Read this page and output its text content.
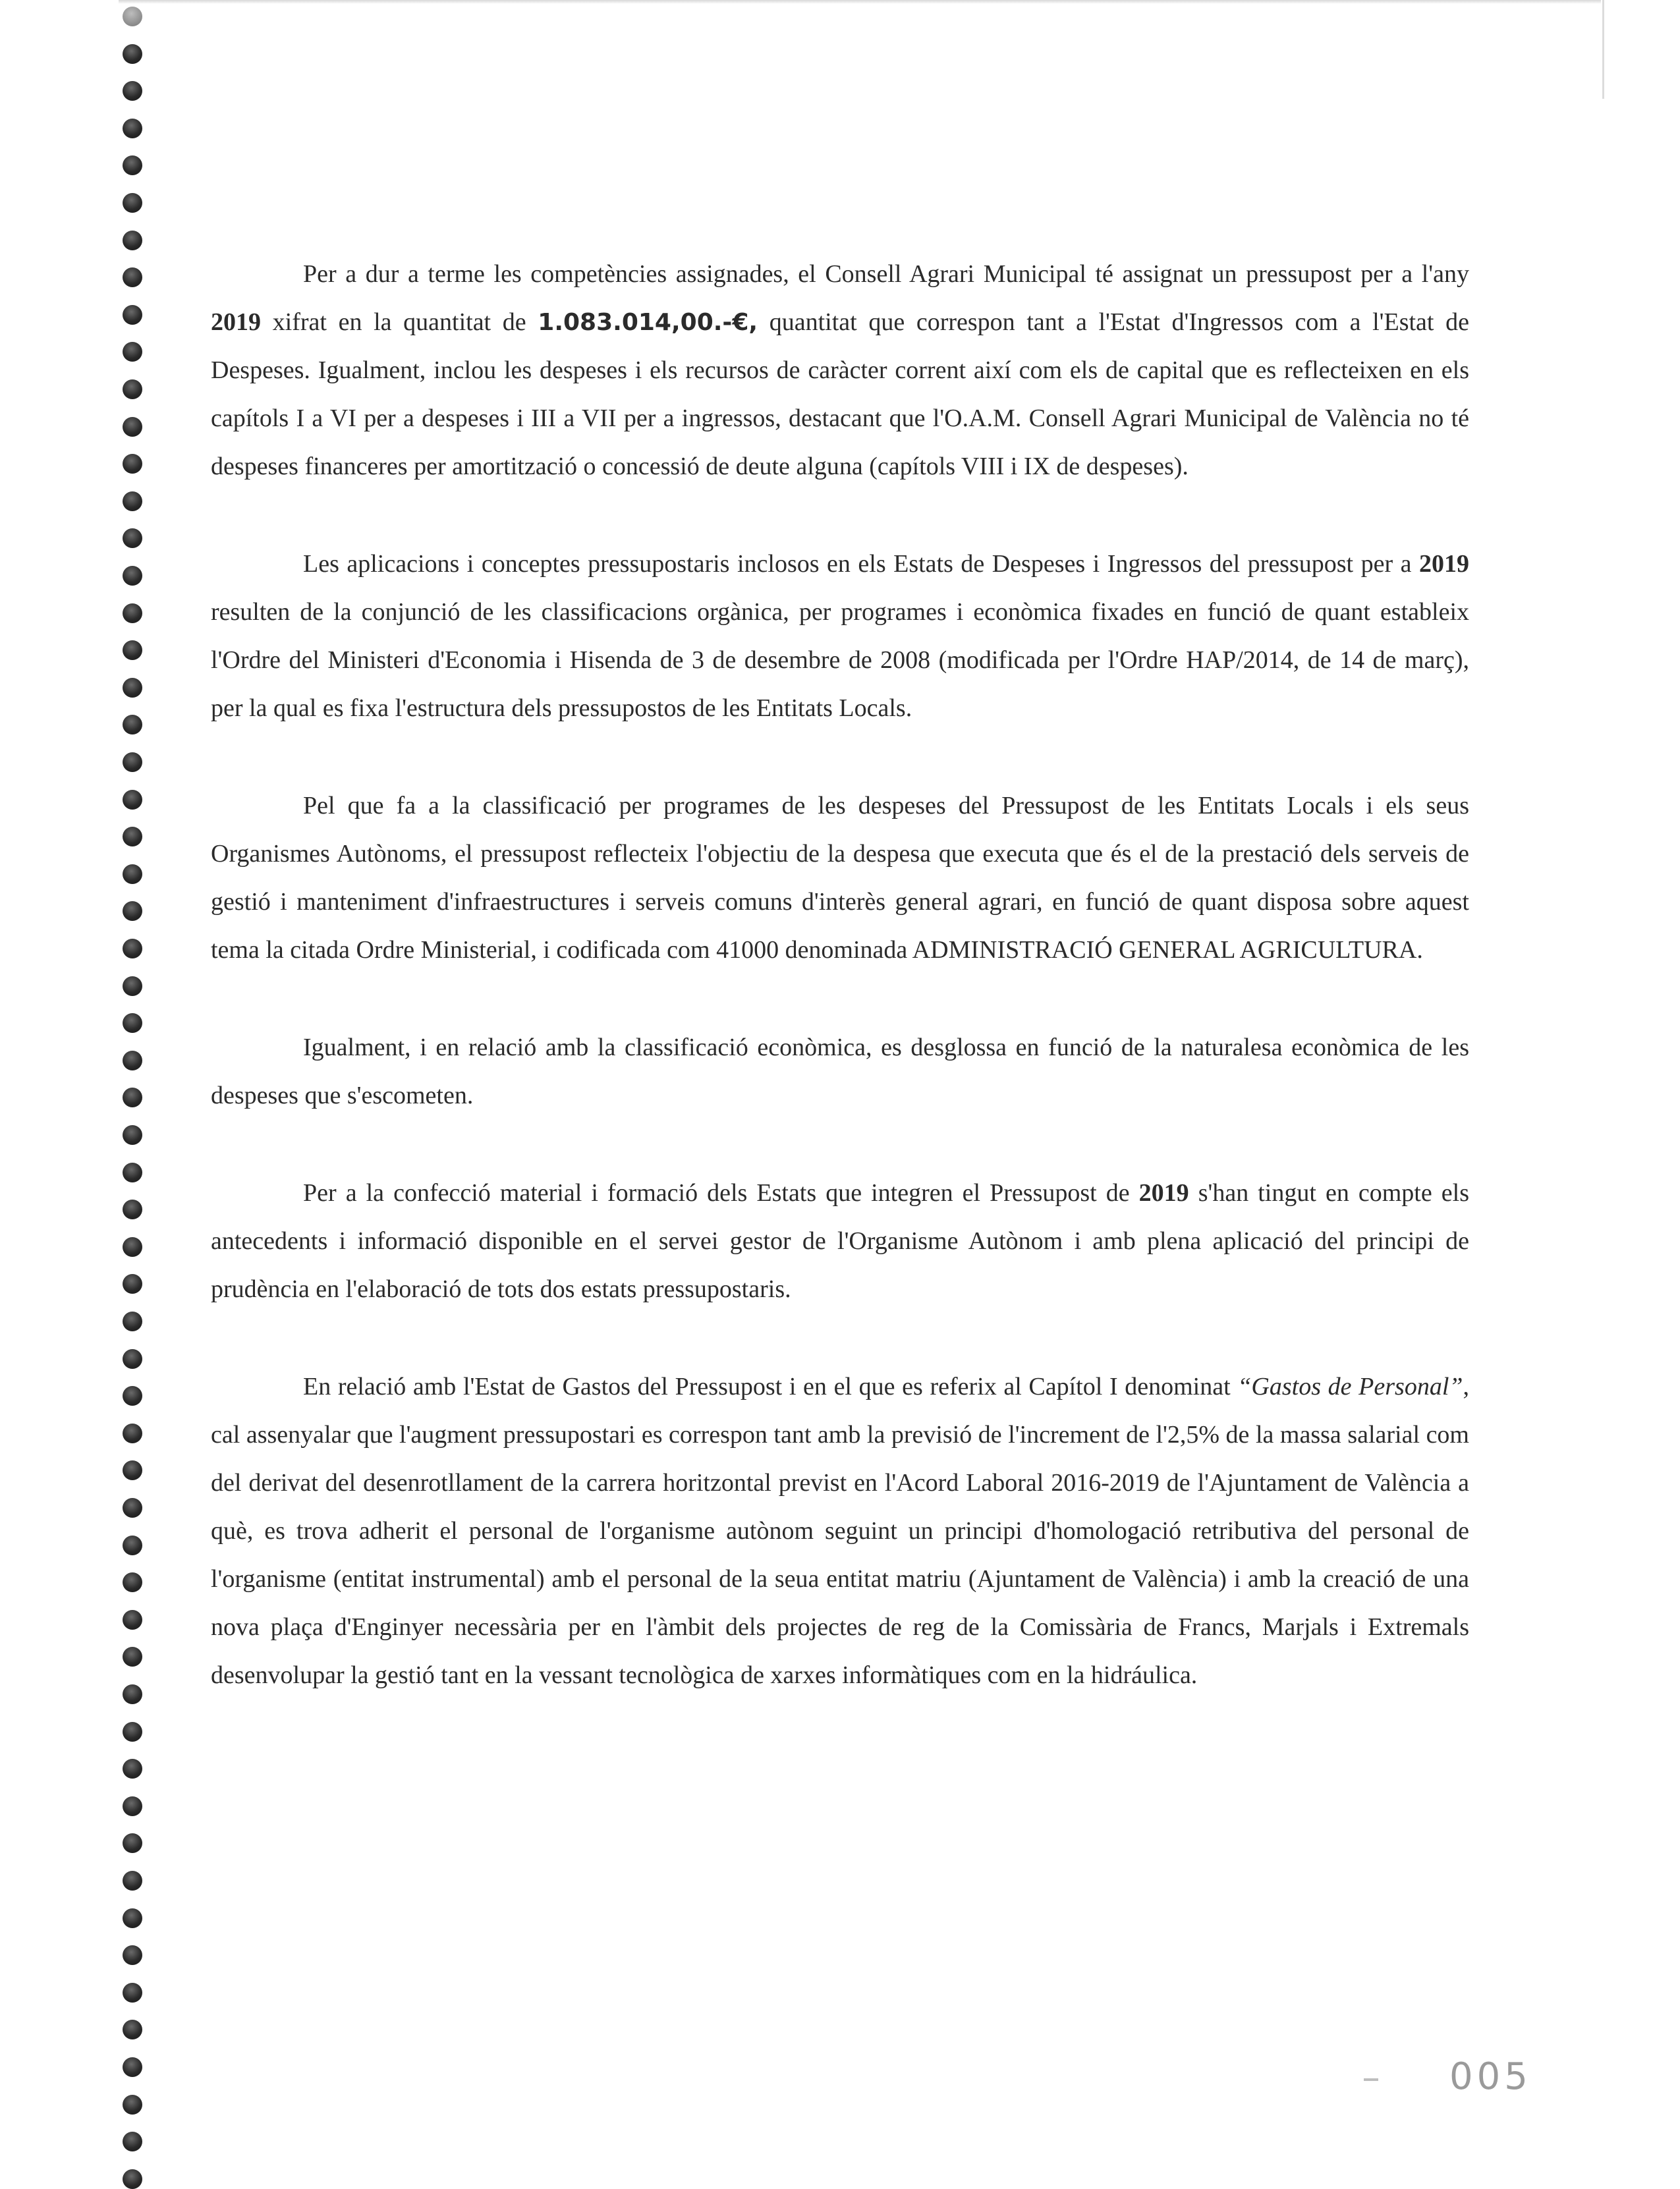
Per a dur a terme les competències assignades, el Consell Agrari Municipal té assignat un pressupost per a l'any 2019 xifrat en la quantitat de 1.083.014,00.-€, quantitat que correspon tant a l'Estat d'Ingressos com a l'Estat de Despeses. Igualment, inclou les despeses i els recursos de caràcter corrent així com els de capital que es reflecteixen en els capítols I a VI per a despeses i III a VII per a ingressos, destacant que l'O.A.M. Consell Agrari Municipal de València no té despeses financeres per amortització o concessió de deute alguna (capítols VIII i IX de despeses).

Les aplicacions i conceptes pressupostaris inclosos en els Estats de Despeses i Ingressos del pressupost per a 2019 resulten de la conjunció de les classificacions orgànica, per programes i econòmica fixades en funció de quant estableix l'Ordre del Ministeri d'Economia i Hisenda de 3 de desembre de 2008 (modificada per l'Ordre HAP/2014, de 14 de març), per la qual es fixa l'estructura dels pressupostos de les Entitats Locals.

Pel que fa a la classificació per programes de les despeses del Pressupost de les Entitats Locals i els seus Organismes Autònoms, el pressupost reflecteix l'objectiu de la despesa que executa que és el de la prestació dels serveis de gestió i manteniment d'infraestructures i serveis comuns d'interès general agrari, en funció de quant disposa sobre aquest tema la citada Ordre Ministerial, i codificada com 41000 denominada ADMINISTRACIÓ GENERAL AGRICULTURA.

Igualment, i en relació amb la classificació econòmica, es desglossa en funció de la naturalesa econòmica de les despeses que s'escometen.

Per a la confecció material i formació dels Estats que integren el Pressupost de 2019 s'han tingut en compte els antecedents i informació disponible en el servei gestor de l'Organisme Autònom i amb plena aplicació del principi de prudència en l'elaboració de tots dos estats pressupostaris.

En relació amb l'Estat de Gastos del Pressupost i en el que es referix al Capítol I denominat “Gastos de Personal”, cal assenyalar que l'augment pressupostari es correspon tant amb la previsió de l'increment de l'2,5% de la massa salarial com del derivat del desenrotllament de la carrera horitzontal previst en l'Acord Laboral 2016-2019 de l'Ajuntament de València a què, es trova adherit el personal de l'organisme autònom seguint un principi d'homologació retributiva del personal de l'organisme (entitat instrumental) amb el personal de la seua entitat matriu (Ajuntament de València) i amb la creació de una nova plaça d'Enginyer necessària per en l'àmbit dels projectes de reg de la Comissària de Francs, Marjals i Extremals desenvolupar la gestió tant en la vessant tecnològica de xarxes informàtiques com en la hidráulica.

005
